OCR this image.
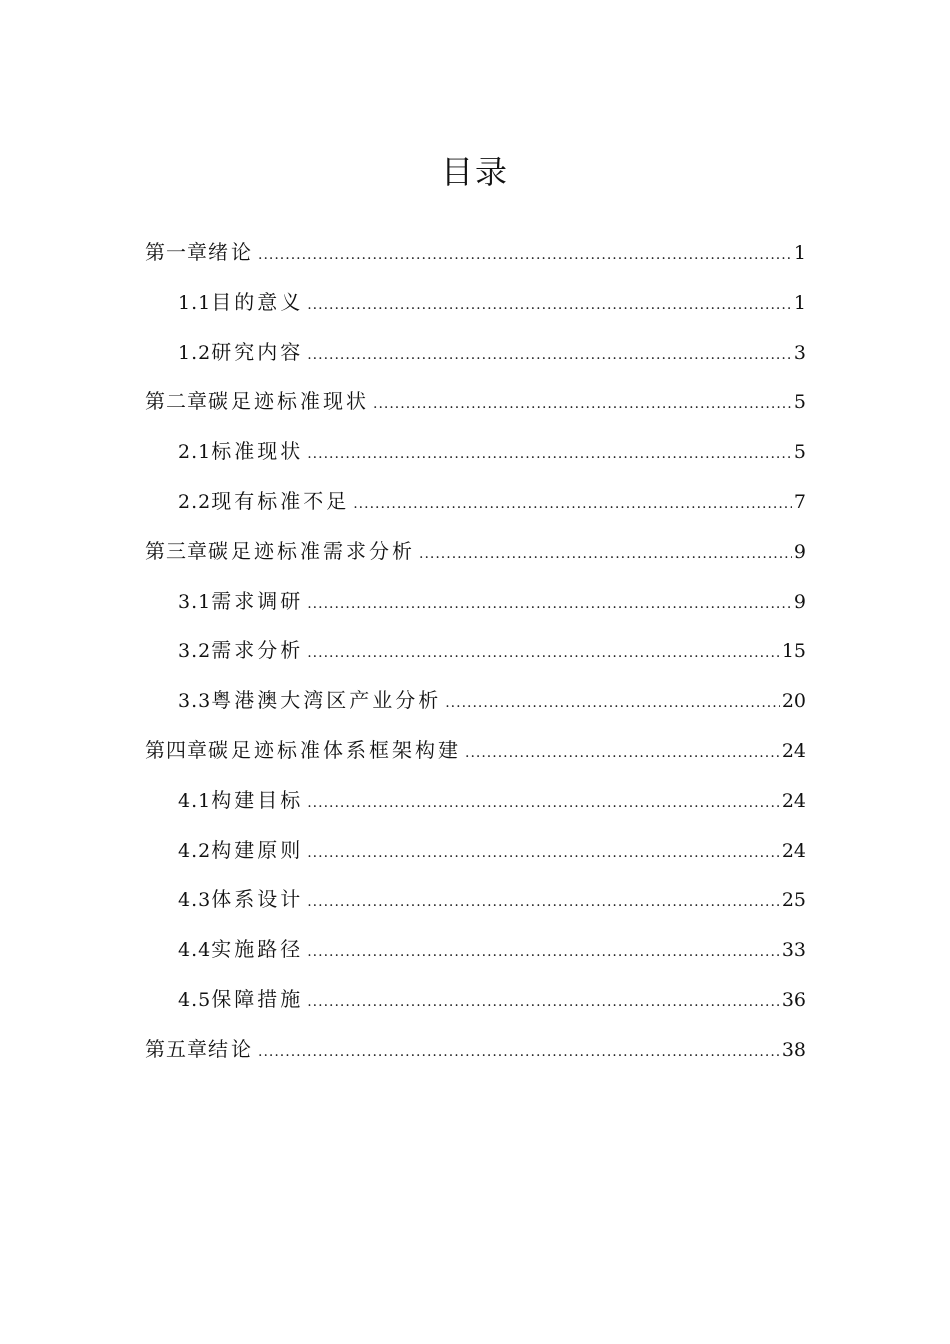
目录
第一章 绪论 .....	1
1.1 目的意义 .....	1
1.2 研究内容 .....	3
第二章 碳足迹标准现状 .....	5
2.1 标准现状 .....	5
2.2 现有标准不足 .....	7
第三章 碳足迹标准需求分析 .....	9
3.1 需求调研 .....	9
3.2 需求分析 .....	15
3.3 粤港澳大湾区产业分析 .....	20
第四章 碳足迹标准体系框架构建 .....	24
4.1 构建目标 .....	24
4.2 构建原则 .....	24
4.3 体系设计 .....	25
4.4 实施路径 .....	33
4.5 保障措施 .....	36
第五章 结论 .....	38
